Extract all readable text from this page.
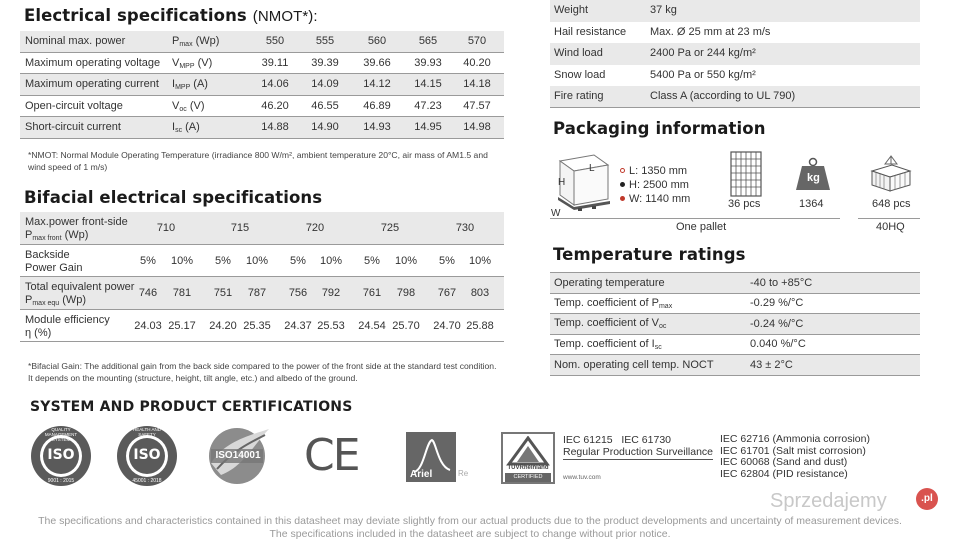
Electrical specifications (NMOT*):
Nominal max. power	$P_{max}$ (Wp)	550	555	560	565	570
Maximum operating voltage $V_{MPP}$ (V)	39.11	39.39	39.66	39.93	40.20
Maximum operating current $I_{MPP}$ (A)	14.06	14.09	14.12	14.15	14.18
Open-circuit voltage	$V_{oc}$ (V)	46.20	46.55	46.89	47.23	47.57
Short-circuit current	$I_{sc}$ (A)	14.88	14.90	14.93	14.95	14.98
*NMOT: Normal Module Operating Temperature (irradiance 800 W/m², ambient temperature 20°C, air mass of AM1.5 and wind speed of 1 m/s)
Bifacial electrical specifications
Max.power front-side
$P_{max front}$ (Wp)
710	715	720	725	730
Backside
Power Gain
5%	10%	5%	10%	5%	10%	5%	10%	5%	10%
Total equivalent power
$P_{max equ}$ (Wp)
746	781	751	787	756	792	761	798	767	803
Module efficiency
η (%)
24.03 25.17	24.20 25.35	24.37 25.53	24.54 25.70	24.70 25.88
*Bifacial Gain: The additional gain from the back side compared to the power of the front side at the standard test condition. It depends on the mounting (structure, height, tilt angle, etc.) and albedo of the ground.
Weight	37 kg
Hail resistance Max. Ø 25 mm at 23 m/s
Wind load	2400 Pa or 244 kg/m²
Snow load	5400 Pa or 550 kg/m²
Fire rating	Class A (according to UL 790)
Packaging information
L
H
W
L: 1350 mm
H: 2500 mm
W: 1140 mm	36 pcs
kg
1364	648 pcs
One pallet	40HQ
Temperature ratings
Operating temperature	-40 to +85°C
Temp. coefficient of $P_{max}$	-0.29 %/°C
Temp. coefficient of $V_{oc}$	-0.24 %/°C
Temp. coefficient of $I_{sc}$	0.040 %/°C
Nom. operating cell temp. NOCT	43 ± 2°C
SYSTEM AND PRODUCT CERTIFICATIONS
ISO
QUALITY MANAGEMENT SYSTEM
9001 : 2015
ISO
HEALTH AND SAFETY
45001 : 2018
ISO14001 CE	Ariel	Re
TÜVRheinland
CERTIFIED
IEC 61215 IEC 61730
Regular Production Surveillance
www.tuv.com
IEC 62716 (Ammonia corrosion)
IEC 61701 (Salt mist corrosion)
IEC 60068 (Sand and dust)
IEC 62804 (PID resistance)
The specifications and characteristics contained in this datasheet may deviate slightly from our actual products due to the product developments and uncertainty of measurement devices.
The specifications included in the datasheet are subject to change without prior notice.
Sprzedajemy	.pl
